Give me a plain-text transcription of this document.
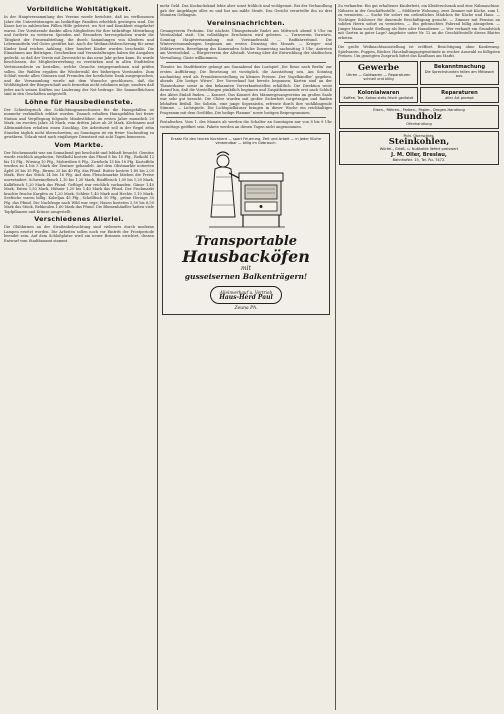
Vorbildliche Wohltätigkeit.

In der Hauptversammlung des Vereins wurde berichtet, daß im verflossenen Jahre die Unterstützungen an bedürftige Familien erheblich gestiegen sind. Die Kasse hat in zahlreichen Fällen Hilfe geleistet, wo Not und Krankheit eingekehrt waren. Der Vorsitzende dankte allen Mitgliedern für ihre tatkräftige Mitwirkung und forderte zu weiteren Spenden auf. Besonders hervorgehoben wurde die Tätigkeit der Frauenabteilung, die durch Sammlungen von Kleidern und Lebensmitteln viel Gutes gestiftet hat. Auch die Weihnachtsbescherung für arme Kinder fand reichen Anklang; über hundert Kinder wurden beschenkt. Die Einnahmen aus Beiträgen, Geschenken und Veranstaltungen haben die Ausgaben gedeckt, so daß der Verein mit Zuversicht in das neue Jahr gehen kann. Es wurde beschlossen, die Mitgliederwerbung zu verstärken und in allen Stadtteilen Vertrauensleute zu bestellen, welche Gesuche entgegennehmen und prüfen sollen. Die Wahlen ergaben die Wiederwahl des bisherigen Vorstandes. Zum Schluß wurde allen Gönnern und Freunden der herzlichste Dank ausgesprochen, und die Versammlung wurde mit dem Wunsche geschlossen, daß die Wohltätigkeit der Bürgerschaft auch fernerhin nicht erlahmen möge, sondern daß jeder nach seinen Kräften zur Linderung der Not beitrage. Die Sammelbüchsen sind in den Geschäften aufgestellt.

Löhne für Hausbedienstete.

Der Schiedsspruch des Schlichtungsausschusses für die Hausgehilfen ist nunmehr verbindlich erklärt worden. Danach erhalten Hausgehilfen bei freier Station und Verpflegung folgende Mindestlöhne: im ersten Jahre monatlich 20 Mark, im zweiten Jahre 24 Mark, vom dritten Jahre ab 28 Mark. Köchinnen und Alleinmädchen erhalten einen Zuschlag. Die Arbeitszeit soll in der Regel zehn Stunden täglich nicht überschreiten; an Sonntagen ist ein freier Nachmittag zu gewähren. Urlaub wird nach einjähriger Dienstzeit mit acht Tagen bemessen.

Vom Markte.

Der Wochenmarkt war am Sonnabend gut beschickt und lebhaft besucht. Gemüse wurde reichlich angeboten; Weißkohl kostete das Pfund 8 bis 10 Pfg., Rotkohl 12 bis 15 Pfg., Wirsing 10 Pfg., Mohrrüben 8 Pfg., Zwiebeln 15 bis 18 Pfg. Kartoffeln wurden zu 4 bis 5 Mark der Zentner gehandelt. Auf dem Obstmarkte notierten Äpfel 20 bis 35 Pfg., Birnen 25 bis 40 Pfg. das Pfund. Butter kostete 1,80 bis 2,00 Mark, Eier das Stück 14 bis 16 Pfg. Auf dem Fleischmarkte blieben die Preise unverändert. Schweinefleisch 1,10 bis 1,30 Mark, Rindfleisch 1,00 bis 1,20 Mark, Kalbfleisch 1,20 Mark das Pfund. Geflügel war reichlich vorhanden: Gänse 1,40 Mark, Enten 1,50 Mark, Hühner 1,20 bis 1,40 Mark das Pfund. Der Fischmarkt brachte frische Karpfen zu 1,20 Mark, Schleie 1,40 Mark und Hechte 1,10 Mark. Seefische waren billig: Kabeljau 45 Pfg., Schellfisch 50 Pfg., grüne Heringe 30 Pfg. das Pfund. Die Nachfrage nach Wild war rege; Hasen kosteten 5,50 bis 6,50 Mark das Stück, Rehkeulen 1,60 Mark das Pfund. Die Blumenhändler hatten viele Topfpflanzen und Kränze ausgestellt.

Verschiedenes Allerlei.

Die Glühbirnen an der Straßenbeleuchtung sind vielerorts durch moderne Lampen ersetzt worden. Die Arbeiten sollen noch vor Eintritt der Frostperiode beendet sein. Auf dem Schloßplatze wird ein neuer Brunnen errichtet, dessen Entwurf vom Stadtbauamt stammt.

mehr Geld. Das Kuckuckskind lebte aber sonst fröhlich und wohlgemut. Bei der Verhandlung gab der Angeklagte alles zu und bat um milde Strafe. Das Gericht verurteilte ihn zu drei Monaten Gefängnis.

Vereinsnachrichten.

Gesangverein Frohsinn. Die nächste Übungsstunde findet am Mittwoch abend 8 Uhr im Vereinslokal statt. Um vollzähliges Erscheinen wird gebeten. — Turnverein Vorwärts. Sonntag Hauptversammlung mit Vorstandswahl. — Radfahrerbund. Die Winterversammlungen beginnen am ersten Dienstag des Monats. — Krieger- und Militärverein. Beerdigung des Kameraden Schulze Donnerstag nachmittag 3 Uhr; Antreten am Vereinslokal. — Bürgerverein der Altstadt. Vortrag über die Entwicklung der städtischen Verwaltung. Gäste willkommen.

Theater. Im Stadttheater gelangt am Sonnabend das Lustspiel ‚Die Reise nach Berlin‘ zur ersten Aufführung. Die Besetzung ist vorzüglich, die Ausstattung neu. Am Sonntag nachmittag wird als Fremdenvorstellung zu kleinen Preisen ‚Der Vogelhändler‘ gegeben, abends ‚Die lustige Witwe‘. Der Vorverkauf hat bereits begonnen; Karten sind an der Theaterkasse sowie in den bekannten Vorverkaufsstellen erhältlich. Die Direktion weist darauf hin, daß die Vorstellungen pünktlich beginnen und Zuspätkommende erst nach Schluß des Aktes Einlaß finden. — Konzert. Das Konzert des Männergesangvereins im großen Saale war sehr gut besucht. Die Chöre wurden mit großer Sicherheit vorgetragen und fanden lebhaften Beifall. Die Solistin, eine junge Sopranistin, erfreute durch ihre wohlklingende Stimme. — Lichtspiele. Die Lichtspielhäuser bringen in dieser Woche ein reichhaltiges Programm mit dem Großfilm ‚Die heilige Flamme‘ sowie lustigen Beiprogrammen.

Postalisches. Vom 1. des Monats ab werden die Schalter an Sonntagen nur von 8 bis 9 Uhr vormittags geöffnet sein. Pakete werden an diesen Tagen nicht angenommen.

Ersatz für den teuren Kochherd — spart Feuerung, Zeit und Arbeit — in jeder Küche verwendbar — billig im Gebrauch.
Transportable
Hausbacköfen
mit
gusseisernen Balkenträgern!
Alleinverkauf u. Vertrieb
Haus-Herd Paul
Zeuna Ph.

Zu verkaufen: Ein gut erhaltenes Kinderbett, ein Kleiderschrank und eine Nähmaschine. Näheres in der Geschäftsstelle. — Möblierte Wohnung, zwei Zimmer mit Küche, zum 1. zu vermieten. — Suche für sofort ein ordentliches Mädchen für Küche und Haus. — Tüchtiger Schlosser für dauernde Beschäftigung gesucht. — Zimmer mit Pension an soliden Herrn sofort zu vermieten. — Ein gebrauchtes Fahrrad billig abzugeben. — Junger Mann sucht Stellung als Bote oder Hausdiener. — Wer verkauft ein Grundstück mit Garten in guter Lage? Angebote unter Nr. 12 an die Geschäftsstelle dieses Blattes erbeten.

Die große Weihnachtsausstellung ist eröffnet. Besichtigung ohne Kaufzwang. Spielwaren, Puppen, Bücher, Haushaltungsgegenstände in reicher Auswahl zu billigsten Preisen. Um geneigten Zuspruch bittet das Kaufhaus am Markt.

Gewerbe
Uhren — Goldwaren — Reparaturen schnell und billig
Bekanntmachung
Die Sprechstunden fallen am Mittwoch aus.
Kolonialwaren
Kaffee, Tee, Kakao stets frisch geröstet
Reparaturen
aller Art prompt
Eisen-, Röhren-, Farben-, Papier-, Drogen-Handlung
Bundholz
Ofenhandlung
Poln. Oberschles.
Steinkohlen,
Würfel-, Grieß- u. Nußkohle liefert preiswert
J. M. Oller, Breslau,
Bahnhofstr. 15, Tel. Ru. 7472.
